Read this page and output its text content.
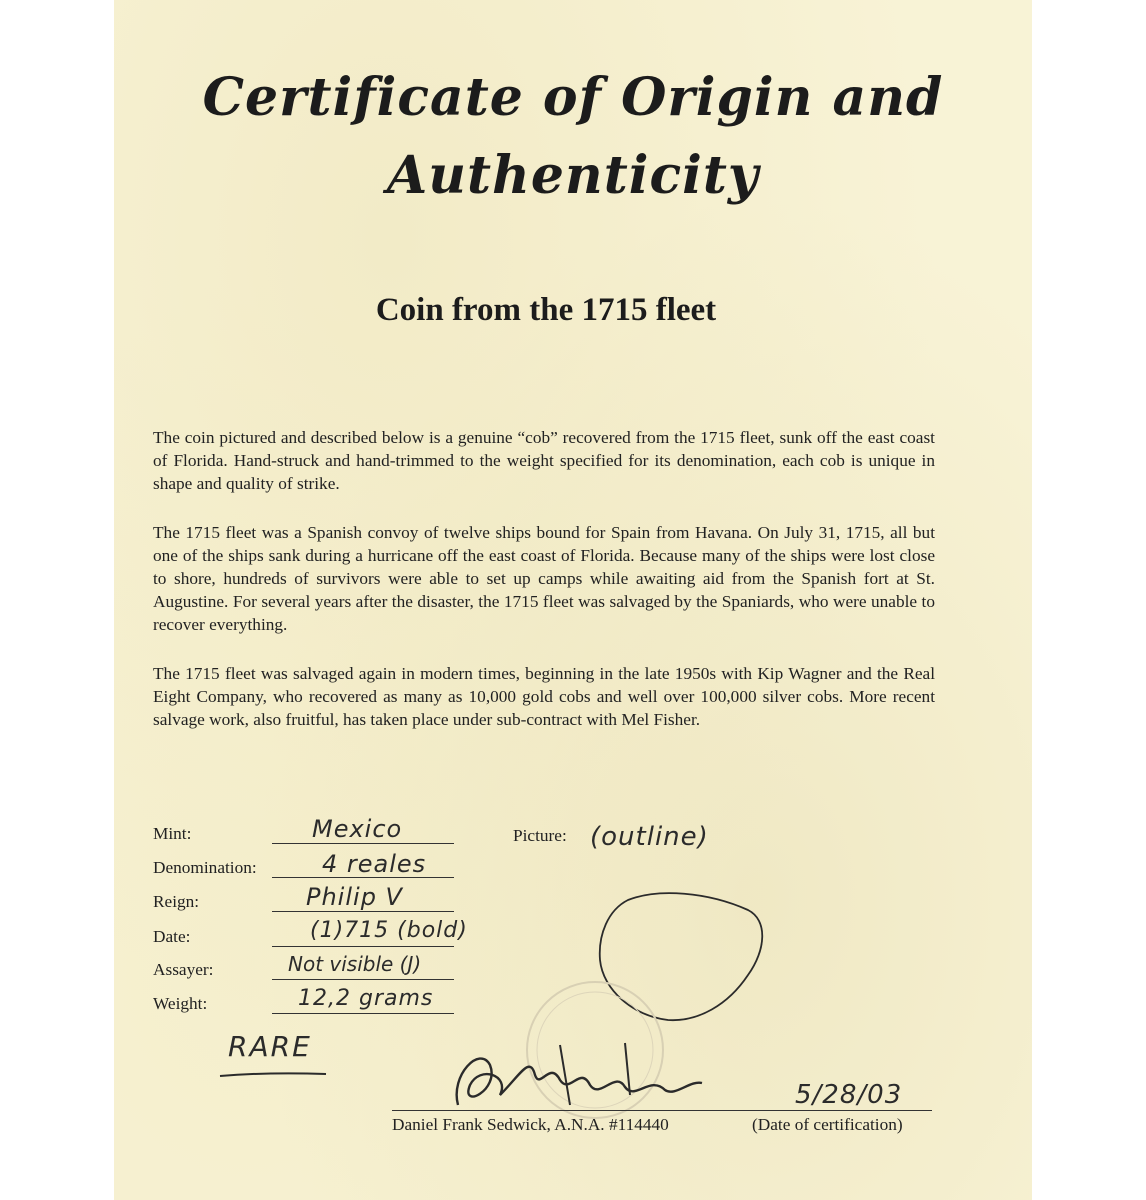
Certificate of Origin and
Authenticity
Coin from the 1715 fleet

The coin pictured and described below is a genuine “cob” recovered from the 1715 fleet, sunk off the east coast of Florida. Hand-struck and hand-trimmed to the weight specified for its denomination, each cob is unique in shape and quality of strike.

The 1715 fleet was a Spanish convoy of twelve ships bound for Spain from Havana. On July 31, 1715, all but one of the ships sank during a hurricane off the east coast of Florida. Because many of the ships were lost close to shore, hundreds of survivors were able to set up camps while awaiting aid from the Spanish fort at St. Augustine. For several years after the disaster, the 1715 fleet was salvaged by the Spaniards, who were unable to recover everything.

The 1715 fleet was salvaged again in modern times, beginning in the late 1950s with Kip Wagner and the Real Eight Company, who recovered as many as 10,000 gold cobs and well over 100,000 silver cobs. More recent salvage work, also fruitful, has taken place under sub-contract with Mel Fisher.

Mint:	Mexico
Denomination:	4 reales
Reign:	Philip V
Date:	(1)715 (bold)
Assayer:	Not visible (J)
Weight:	12,2 grams
RARE
Picture: (outline)
5/28/03
Daniel Frank Sedwick, A.N.A. #114440	(Date of certification)
